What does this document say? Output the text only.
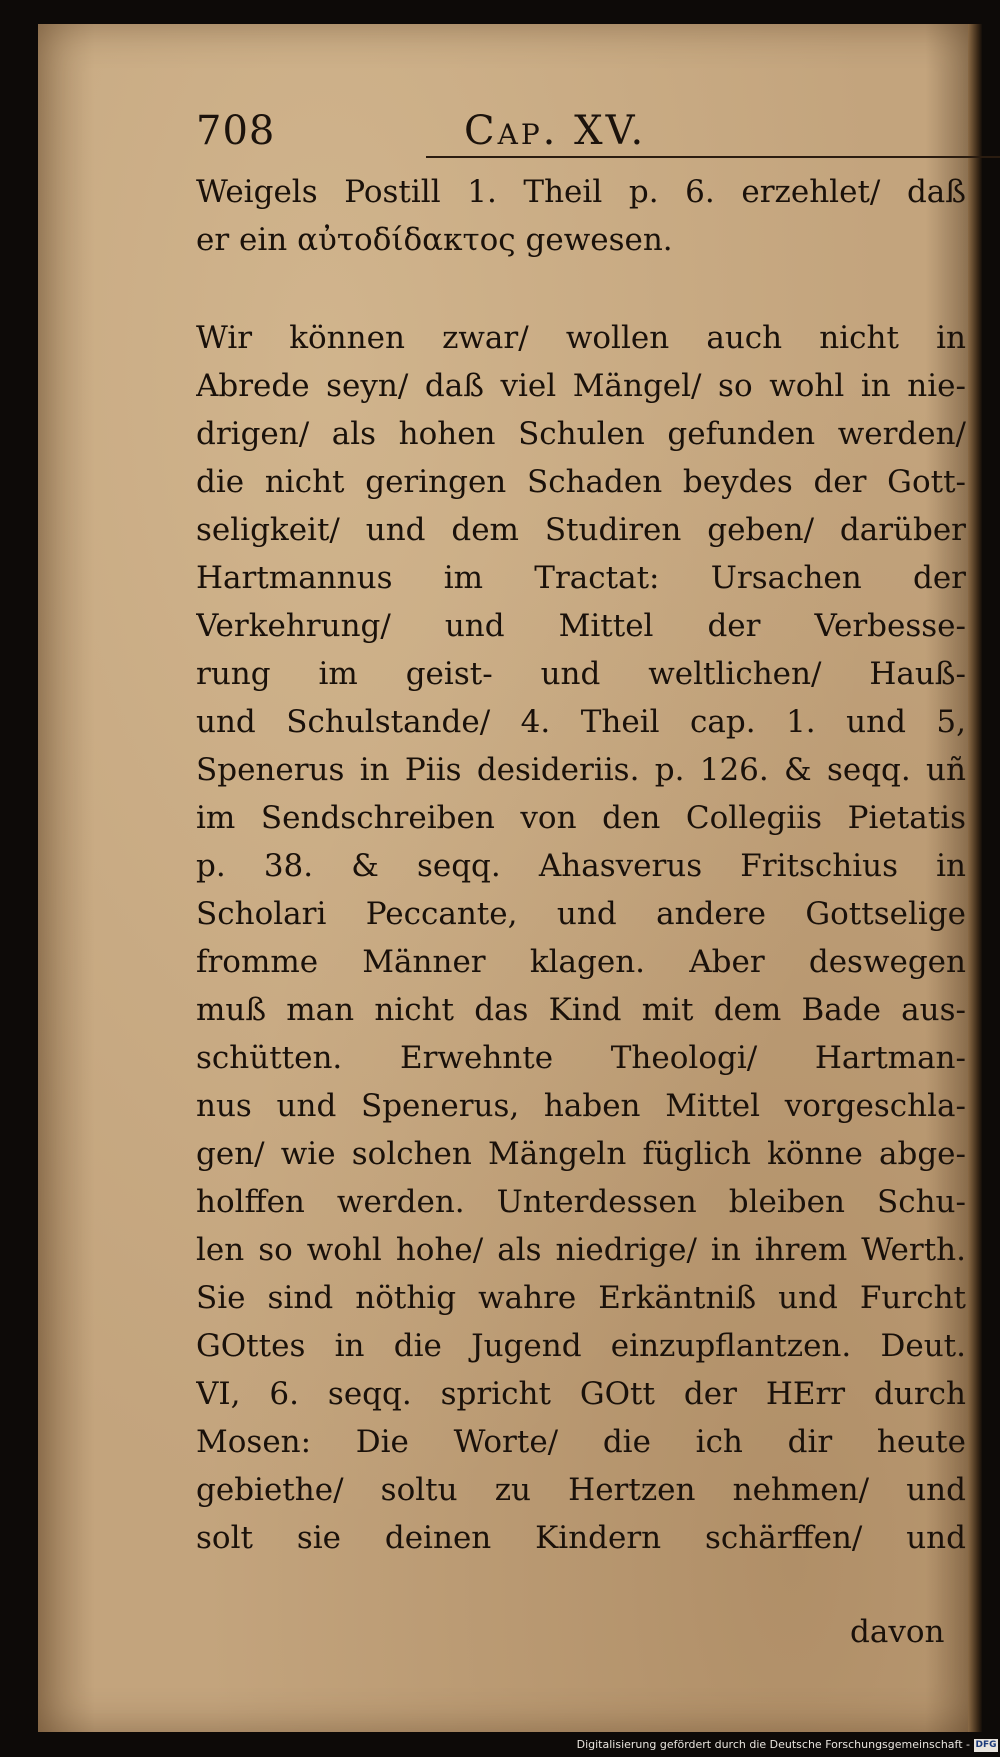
708	Cap. XV.
Weigels Postill 1. Theil p. 6. erzehlet/ daß
er ein αὐτοδίδακτος gewesen.
Wir können zwar/ wollen auch nicht in
Abrede seyn/ daß viel Mängel/ so wohl in nie-
drigen/ als hohen Schulen gefunden werden/
die nicht geringen Schaden beydes der Gott-
seligkeit/ und dem Studiren geben/ darüber
Hartmannus im Tractat: Ursachen der
Verkehrung/ und Mittel der Verbesse-
rung im geist- und weltlichen/ Hauß-
und Schulstande/ 4. Theil cap. 1. und 5,
Spenerus in Piis desideriis. p. 126. & seqq. uñ
im Sendschreiben von den Collegiis Pietatis
p. 38. & seqq. Ahasverus Fritschius in
Scholari Peccante, und andere Gottselige
fromme Männer klagen. Aber deswegen
muß man nicht das Kind mit dem Bade aus-
schütten. Erwehnte Theologi/ Hartman-
nus und Spenerus, haben Mittel vorgeschla-
gen/ wie solchen Mängeln füglich könne abge-
holffen werden. Unterdessen bleiben Schu-
len so wohl hohe/ als niedrige/ in ihrem Werth.
Sie sind nöthig wahre Erkäntniß und Furcht
GOttes in die Jugend einzupflantzen. Deut.
VI, 6. seqq. spricht GOtt der HErr durch
Mosen: Die Worte/ die ich dir heute
gebiethe/ soltu zu Hertzen nehmen/ und
solt sie deinen Kindern schärffen/ und
davon
Digitalisierung gefördert durch die Deutsche Forschungsgemeinschaft - DFG
